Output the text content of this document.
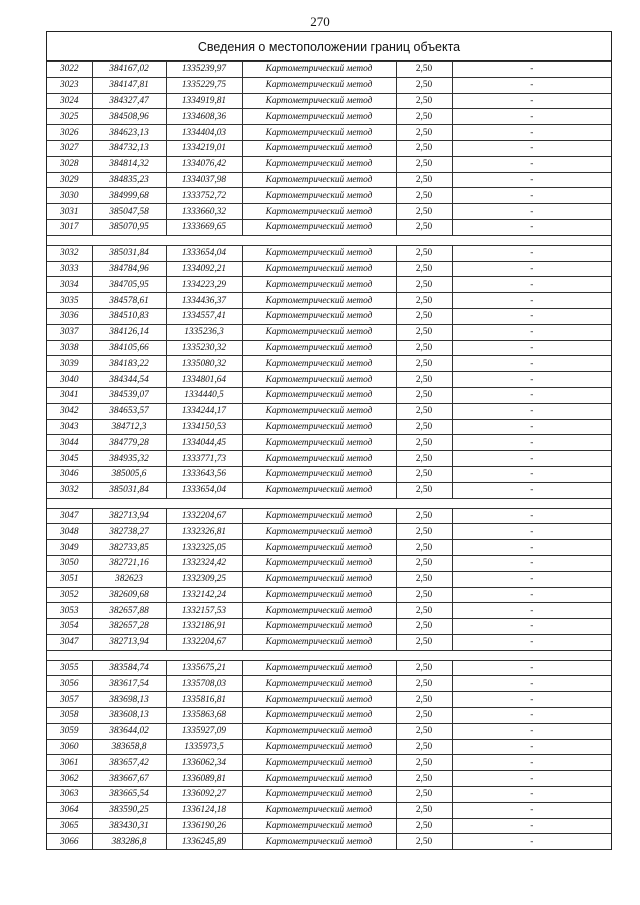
270
Сведения о местоположении границ объекта
3022	384167,02	1335239,97	Картометрический метод	2,50	-
3023	384147,81	1335229,75	Картометрический метод	2,50	-
3024	384327,47	1334919,81	Картометрический метод	2,50	-
3025	384508,96	1334608,36	Картометрический метод	2,50	-
3026	384623,13	1334404,03	Картометрический метод	2,50	-
3027	384732,13	1334219,01	Картометрический метод	2,50	-
3028	384814,32	1334076,42	Картометрический метод	2,50	-
3029	384835,23	1334037,98	Картометрический метод	2,50	-
3030	384999,68	1333752,72	Картометрический метод	2,50	-
3031	385047,58	1333660,32	Картометрический метод	2,50	-
3017	385070,95	1333669,65	Картометрический метод	2,50	-

3032	385031,84	1333654,04	Картометрический метод	2,50	-
3033	384784,96	1334092,21	Картометрический метод	2,50	-
3034	384705,95	1334223,29	Картометрический метод	2,50	-
3035	384578,61	1334436,37	Картометрический метод	2,50	-
3036	384510,83	1334557,41	Картометрический метод	2,50	-
3037	384126,14	1335236,3	Картометрический метод	2,50	-
3038	384105,66	1335230,32	Картометрический метод	2,50	-
3039	384183,22	1335080,32	Картометрический метод	2,50	-
3040	384344,54	1334801,64	Картометрический метод	2,50	-
3041	384539,07	1334440,5	Картометрический метод	2,50	-
3042	384653,57	1334244,17	Картометрический метод	2,50	-
3043	384712,3	1334150,53	Картометрический метод	2,50	-
3044	384779,28	1334044,45	Картометрический метод	2,50	-
3045	384935,32	1333771,73	Картометрический метод	2,50	-
3046	385005,6	1333643,56	Картометрический метод	2,50	-
3032	385031,84	1333654,04	Картометрический метод	2,50	-

3047	382713,94	1332204,67	Картометрический метод	2,50	-
3048	382738,27	1332326,81	Картометрический метод	2,50	-
3049	382733,85	1332325,05	Картометрический метод	2,50	-
3050	382721,16	1332324,42	Картометрический метод	2,50	-
3051	382623	1332309,25	Картометрический метод	2,50	-
3052	382609,68	1332142,24	Картометрический метод	2,50	-
3053	382657,88	1332157,53	Картометрический метод	2,50	-
3054	382657,28	1332186,91	Картометрический метод	2,50	-
3047	382713,94	1332204,67	Картометрический метод	2,50	-

3055	383584,74	1335675,21	Картометрический метод	2,50	-
3056	383617,54	1335708,03	Картометрический метод	2,50	-
3057	383698,13	1335816,81	Картометрический метод	2,50	-
3058	383608,13	1335863,68	Картометрический метод	2,50	-
3059	383644,02	1335927,09	Картометрический метод	2,50	-
3060	383658,8	1335973,5	Картометрический метод	2,50	-
3061	383657,42	1336062,34	Картометрический метод	2,50	-
3062	383667,67	1336089,81	Картометрический метод	2,50	-
3063	383665,54	1336092,27	Картометрический метод	2,50	-
3064	383590,25	1336124,18	Картометрический метод	2,50	-
3065	383430,31	1336190,26	Картометрический метод	2,50	-
3066	383286,8	1336245,89	Картометрический метод	2,50	-
